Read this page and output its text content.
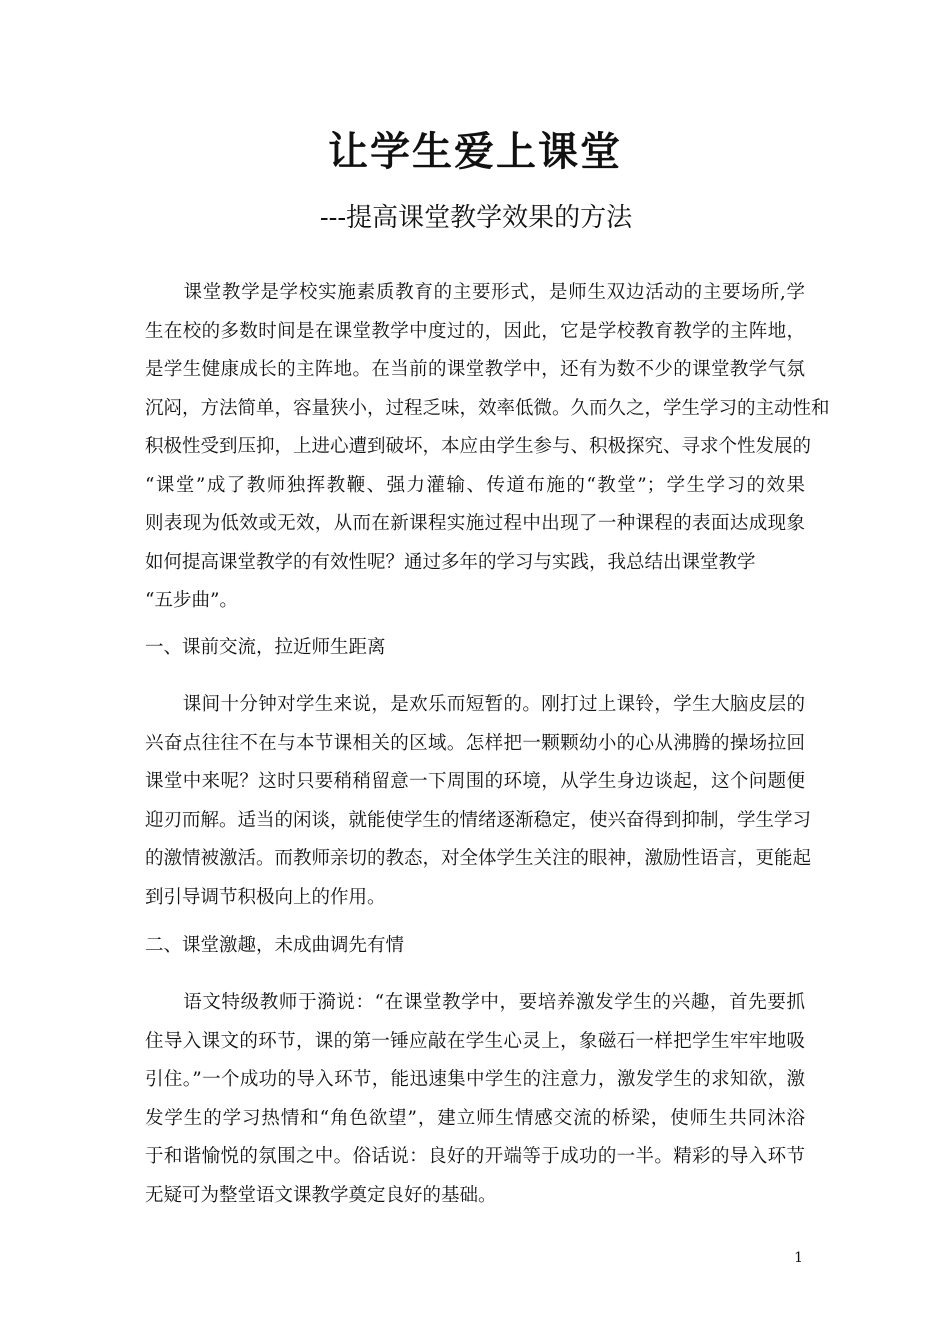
让学生爱上课堂
---提高课堂教学效果的方法
　　课堂教学是学校实施素质教育的主要形式，是师生双边活动的主要场所,学
生在校的多数时间是在课堂教学中度过的，因此，它是学校教育教学的主阵地，
是学生健康成长的主阵地。在当前的课堂教学中，还有为数不少的课堂教学气氛
沉闷，方法简单，容量狭小，过程乏味，效率低微。久而久之，学生学习的主动性和
积极性受到压抑，上进心遭到破坏，本应由学生参与、积极探究、寻求个性发展的
“课堂”成了教师独挥教鞭、强力灌输、传道布施的“教堂”；学生学习的效果
则表现为低效或无效，从而在新课程实施过程中出现了一种课程的表面达成现象
如何提高课堂教学的有效性呢？通过多年的学习与实践，我总结出课堂教学
“五步曲”。
一、课前交流，拉近师生距离
　　课间十分钟对学生来说，是欢乐而短暂的。刚打过上课铃，学生大脑皮层的
兴奋点往往不在与本节课相关的区域。怎样把一颗颗幼小的心从沸腾的操场拉回
课堂中来呢？这时只要稍稍留意一下周围的环境，从学生身边谈起，这个问题便
迎刃而解。适当的闲谈，就能使学生的情绪逐渐稳定，使兴奋得到抑制，学生学习
的激情被激活。而教师亲切的教态，对全体学生关注的眼神，激励性语言，更能起
到引导调节积极向上的作用。
二、课堂激趣，未成曲调先有情
　　语文特级教师于漪说：“在课堂教学中，要培养激发学生的兴趣，首先要抓
住导入课文的环节，课的第一锤应敲在学生心灵上，象磁石一样把学生牢牢地吸
引住。”一个成功的导入环节，能迅速集中学生的注意力，激发学生的求知欲，激
发学生的学习热情和“角色欲望”，建立师生情感交流的桥梁，使师生共同沐浴
于和谐愉悦的氛围之中。俗话说：良好的开端等于成功的一半。精彩的导入环节
无疑可为整堂语文课教学奠定良好的基础。
1
